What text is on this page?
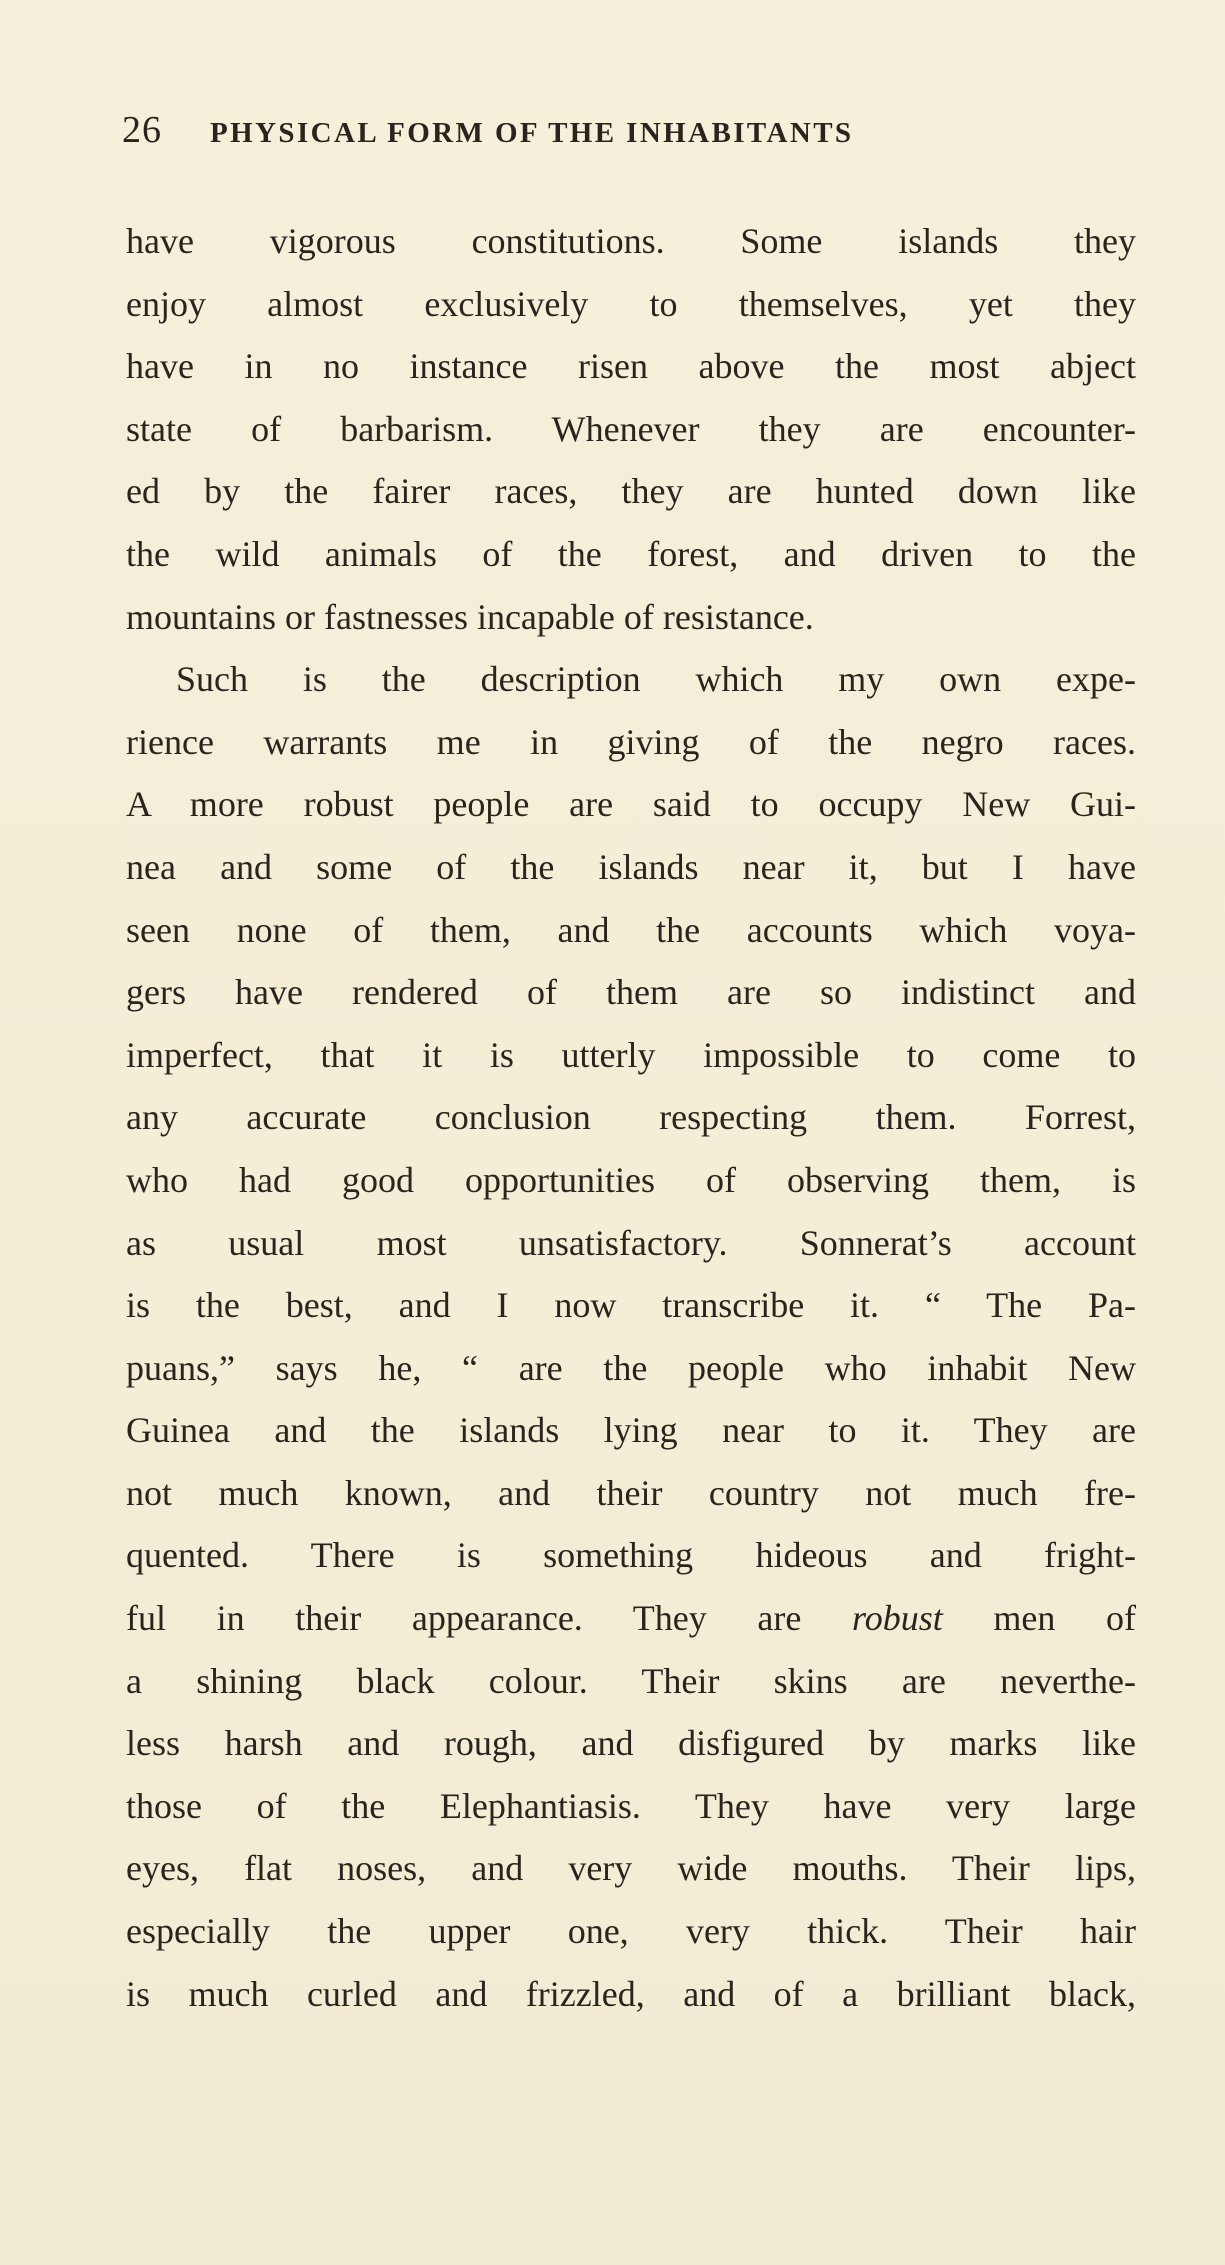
26	PHYSICAL FORM OF THE INHABITANTS
have vigorous constitutions. Some islands they
enjoy almost exclusively to themselves, yet they
have in no instance risen above the most abject
state of barbarism. Whenever they are encounter-
ed by the fairer races, they are hunted down like
the wild animals of the forest, and driven to the
mountains or fastnesses incapable of resistance.
Such is the description which my own expe-
rience warrants me in giving of the negro races.
A more robust people are said to occupy New Gui-
nea and some of the islands near it, but I have
seen none of them, and the accounts which voya-
gers have rendered of them are so indistinct and
imperfect, that it is utterly impossible to come to
any accurate conclusion respecting them. Forrest,
who had good opportunities of observing them, is
as usual most unsatisfactory. Sonnerat’s account
is the best, and I now transcribe it. “ The Pa-
puans,” says he, “ are the people who inhabit New
Guinea and the islands lying near to it. They are
not much known, and their country not much fre-
quented. There is something hideous and fright-
ful in their appearance. They are robust men of
a shining black colour. Their skins are neverthe-
less harsh and rough, and disfigured by marks like
those of the Elephantiasis. They have very large
eyes, flat noses, and very wide mouths. Their lips,
especially the upper one, very thick. Their hair
is much curled and frizzled, and of a brilliant black,
